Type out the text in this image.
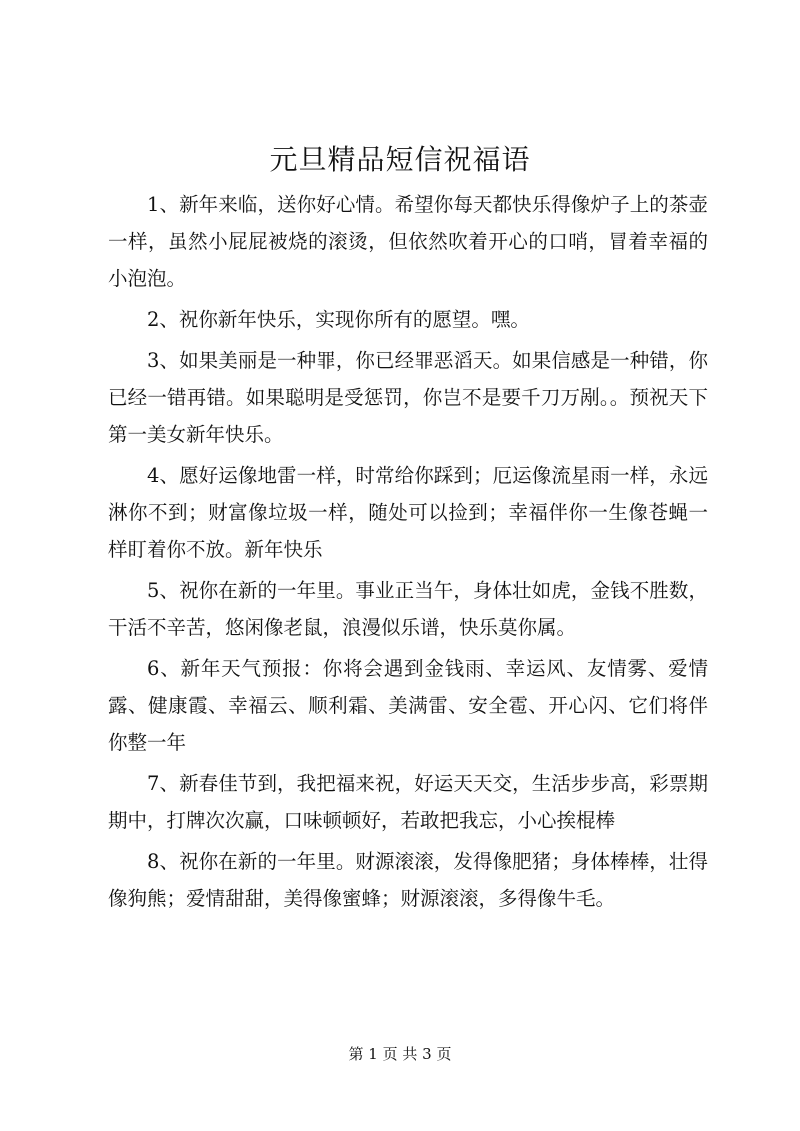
元旦精品短信祝福语

1、新年来临，送你好心情。希望你每天都快乐得像炉子上的茶壶一样，虽然小屁屁被烧的滚烫，但依然吹着开心的口哨，冒着幸福的小泡泡。

2、祝你新年快乐，实现你所有的愿望。嘿。

3、如果美丽是一种罪，你已经罪恶滔天。如果信感是一种错，你已经一错再错。如果聪明是受惩罚，你岂不是要千刀万剐。。预祝天下第一美女新年快乐。

4、愿好运像地雷一样，时常给你踩到；厄运像流星雨一样，永远淋你不到；财富像垃圾一样，随处可以捡到；幸福伴你一生像苍蝇一样盯着你不放。新年快乐

5、祝你在新的一年里。事业正当午，身体壮如虎，金钱不胜数，干活不辛苦，悠闲像老鼠，浪漫似乐谱，快乐莫你属。

6、新年天气预报：你将会遇到金钱雨、幸运风、友情雾、爱情露、健康霞、幸福云、顺利霜、美满雷、安全雹、开心闪、它们将伴你整一年

7、新春佳节到，我把福来祝，好运天天交，生活步步高，彩票期期中，打牌次次赢，口味顿顿好，若敢把我忘，小心挨棍棒

8、祝你在新的一年里。财源滚滚，发得像肥猪；身体棒棒，壮得像狗熊；爱情甜甜，美得像蜜蜂；财源滚滚，多得像牛毛。

第 1 页 共 3 页
